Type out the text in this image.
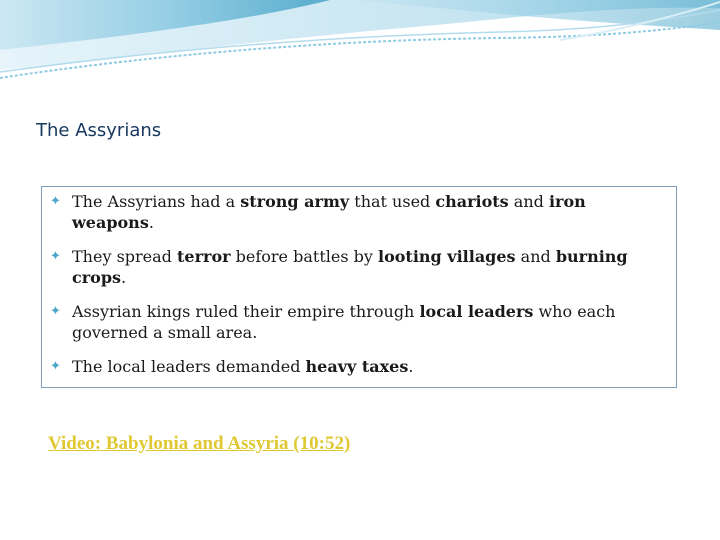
The Assyrians
✦ The Assyrians had a strong army that used chariots and iron weapons.
✦ They spread terror before battles by looting villages and burning crops.
✦ Assyrian kings ruled their empire through local leaders who each governed a small area.
✦ The local leaders demanded heavy taxes.
Video: Babylonia and Assyria (10:52)
